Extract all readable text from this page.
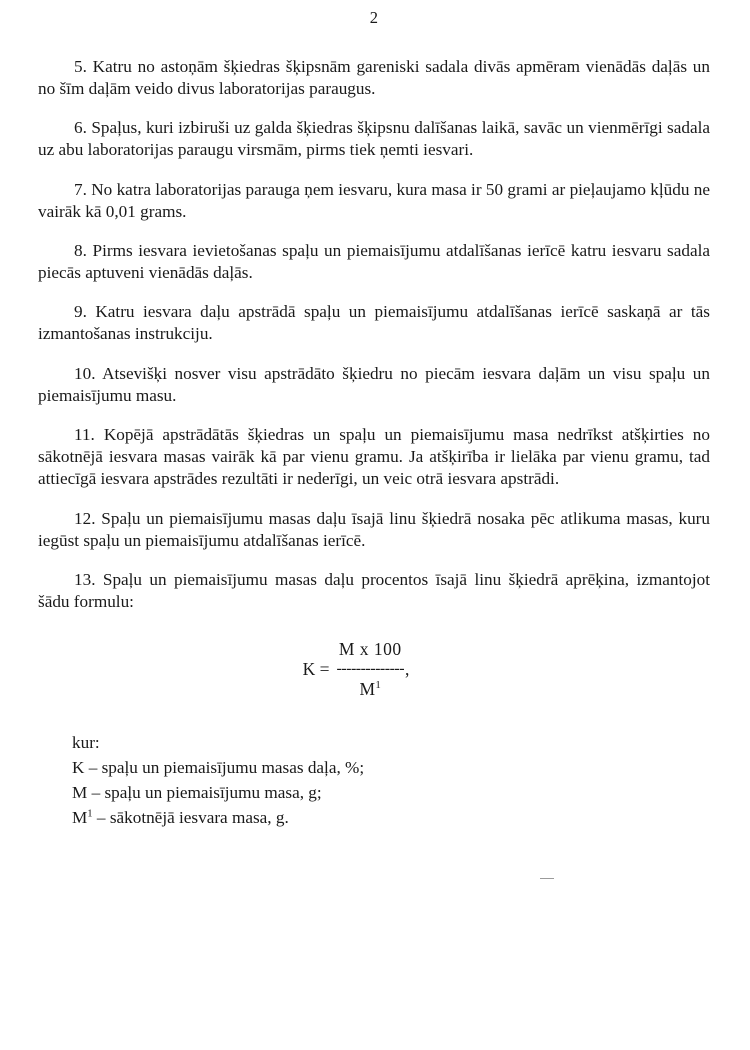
2

5. Katru no astoņām šķiedras šķipsnām gareniski sadala divās apmēram vienādās daļās un no šīm daļām veido divus laboratorijas paraugus.

6. Spaļus, kuri izbiruši uz galda šķiedras šķipsnu dalīšanas laikā, savāc un vienmērīgi sadala uz abu laboratorijas paraugu virsmām, pirms tiek ņemti iesvari.

7. No katra laboratorijas parauga ņem iesvaru, kura masa ir 50 grami ar pieļaujamo kļūdu ne vairāk kā 0,01 grams.

8. Pirms iesvara ievietošanas spaļu un piemaisījumu atdalīšanas ierīcē katru iesvaru sadala piecās aptuveni vienādās daļās.

9. Katru iesvara daļu apstrādā spaļu un piemaisījumu atdalīšanas ierīcē saskaņā ar tās izmantošanas instrukciju.

10. Atsevišķi nosver visu apstrādāto šķiedru no piecām iesvara daļām un visu spaļu un piemaisījumu masu.

11. Kopējā apstrādātās šķiedras un spaļu un piemaisījumu masa nedrīkst atšķirties no sākotnējā iesvara masas vairāk kā par vienu gramu. Ja atšķirība ir lielāka par vienu gramu, tad attiecīgā iesvara apstrādes rezultāti ir nederīgi, un veic otrā iesvara apstrādi.

12. Spaļu un piemaisījumu masas daļu īsajā linu šķiedrā nosaka pēc atlikuma masas, kuru iegūst spaļu un piemaisījumu atdalīšanas ierīcē.

13. Spaļu un piemaisījumu masas daļu procentos īsajā linu šķiedrā aprēķina, izmantojot šādu formulu:

K =
M x 100
--------------
$M^1$
,
kur:
K – spaļu un piemaisījumu masas daļa, %;
M – spaļu un piemaisījumu masa, g;
$M^1$ – sākotnējā iesvara masa, g.
